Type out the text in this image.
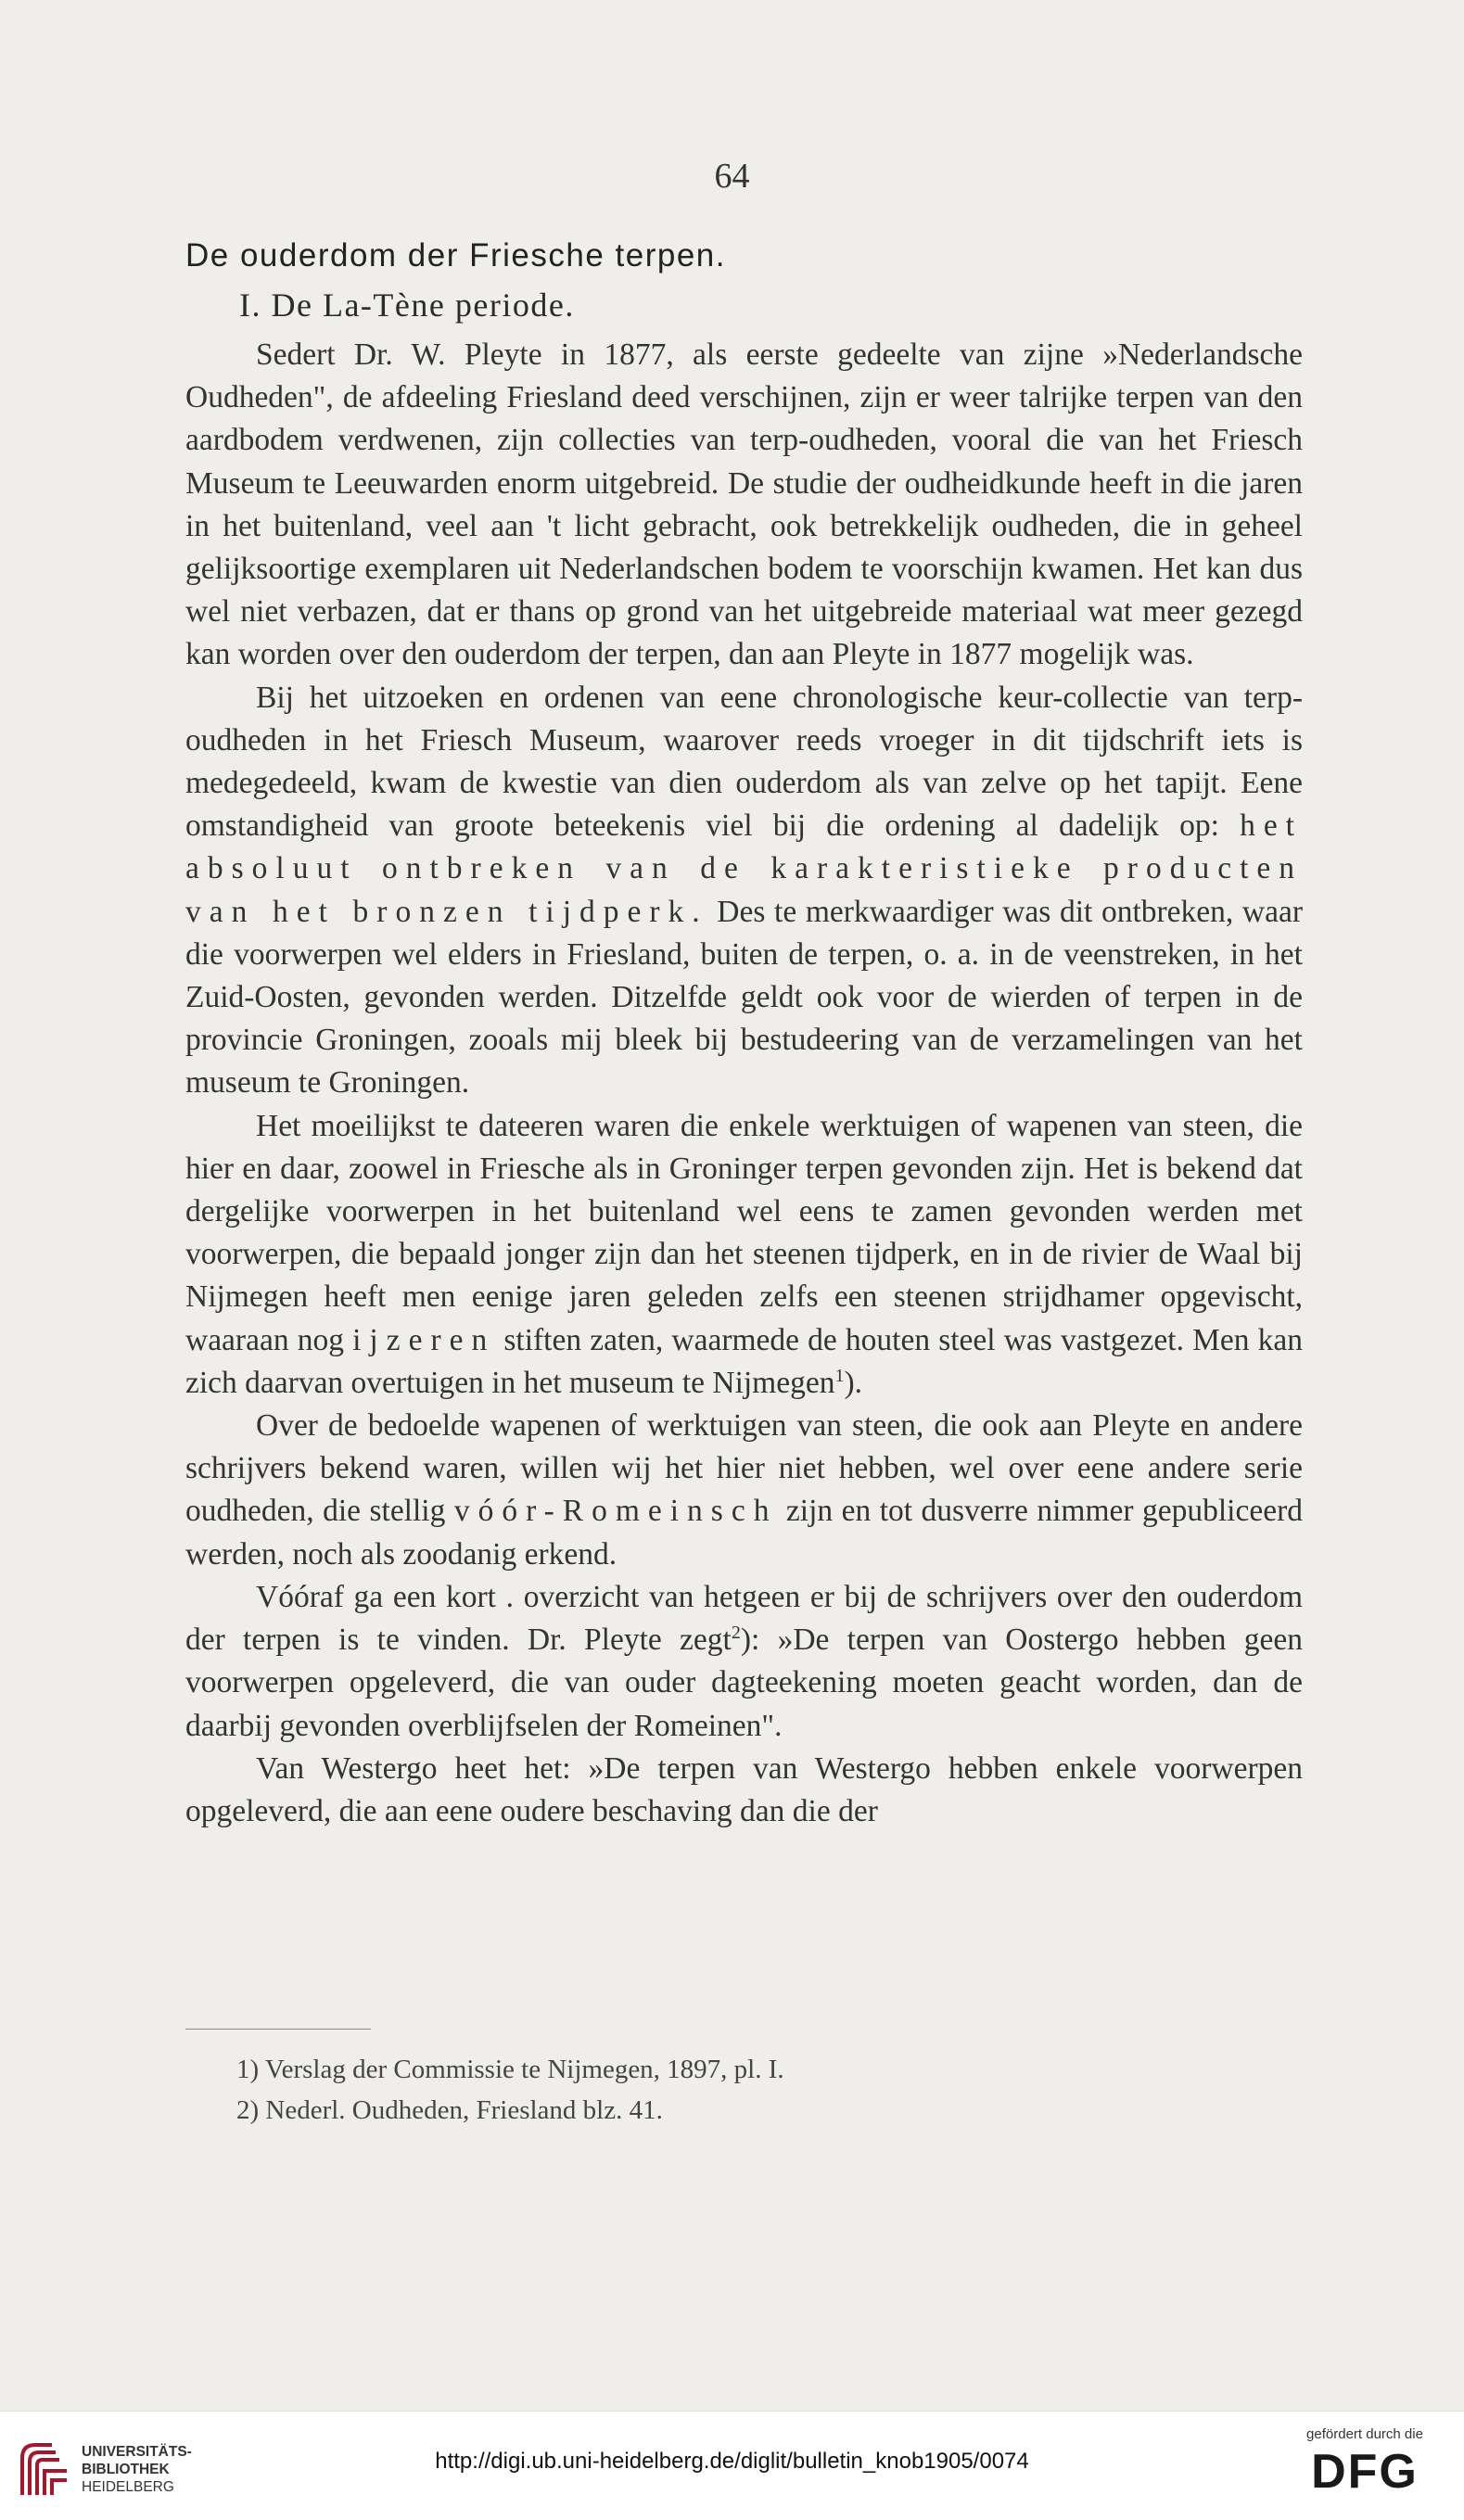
64
De ouderdom der Friesche terpen.
I. De La-Tène periode.

Sedert Dr. W. Pleyte in 1877, als eerste gedeelte van zijne »Nederlandsche Oudheden", de afdeeling Friesland deed verschijnen, zijn er weer talrijke terpen van den aardbodem verdwenen, zijn collecties van terp-oudheden, vooral die van het Friesch Museum te Leeuwarden enorm uitgebreid. De studie der oudheidkunde heeft in die jaren in het buitenland, veel aan 't licht gebracht, ook betrekkelijk oudheden, die in geheel gelijksoortige exemplaren uit Nederlandschen bodem te voorschijn kwamen. Het kan dus wel niet verbazen, dat er thans op grond van het uitgebreide materiaal wat meer gezegd kan worden over den ouderdom der terpen, dan aan Pleyte in 1877 mogelijk was.

Bij het uitzoeken en ordenen van eene chronologische keur-collectie van terp-oudheden in het Friesch Museum, waarover reeds vroeger in dit tijdschrift iets is medegedeeld, kwam de kwestie van dien ouderdom als van zelve op het tapijt. Eene omstandigheid van groote beteekenis viel bij die ordening al dadelijk op: het absoluut ontbreken van de karakteristieke producten van het bronzen tijdperk. Des te merkwaardiger was dit ontbreken, waar die voorwerpen wel elders in Friesland, buiten de terpen, o. a. in de veenstreken, in het Zuid-Oosten, gevonden werden. Ditzelfde geldt ook voor de wierden of terpen in de provincie Groningen, zooals mij bleek bij bestudeering van de verzamelingen van het museum te Groningen.

Het moeilijkst te dateeren waren die enkele werktuigen of wapenen van steen, die hier en daar, zoowel in Friesche als in Groninger terpen gevonden zijn. Het is bekend dat dergelijke voorwerpen in het buitenland wel eens te zamen gevonden werden met voorwerpen, die bepaald jonger zijn dan het steenen tijdperk, en in de rivier de Waal bij Nijmegen heeft men eenige jaren geleden zelfs een steenen strijdhamer opgevischt, waaraan nog ijzeren stiften zaten, waarmede de houten steel was vastgezet. Men kan zich daarvan overtuigen in het museum te Nijmegen$^1$).

Over de bedoelde wapenen of werktuigen van steen, die ook aan Pleyte en andere schrijvers bekend waren, willen wij het hier niet hebben, wel over eene andere serie oudheden, die stellig vóór-Romeinsch zijn en tot dusverre nimmer gepubliceerd werden, noch als zoodanig erkend.

Vóóraf ga een kort . overzicht van hetgeen er bij de schrijvers over den ouderdom der terpen is te vinden. Dr. Pleyte zegt$^2$): »De terpen van Oostergo hebben geen voorwerpen opgeleverd, die van ouder dagteekening moeten geacht worden, dan de daarbij gevonden overblijfselen der Romeinen".

Van Westergo heet het: »De terpen van Westergo hebben enkele voorwerpen opgeleverd, die aan eene oudere beschaving dan die der

1) Verslag der Commissie te Nijmegen, 1897, pl. I.
2) Nederl. Oudheden, Friesland blz. 41.
UNIVERSITÄTS-
BIBLIOTHEK
HEIDELBERG
http://digi.ub.uni-heidelberg.de/diglit/bulletin_knob1905/0074
gefördert durch die
DFG
